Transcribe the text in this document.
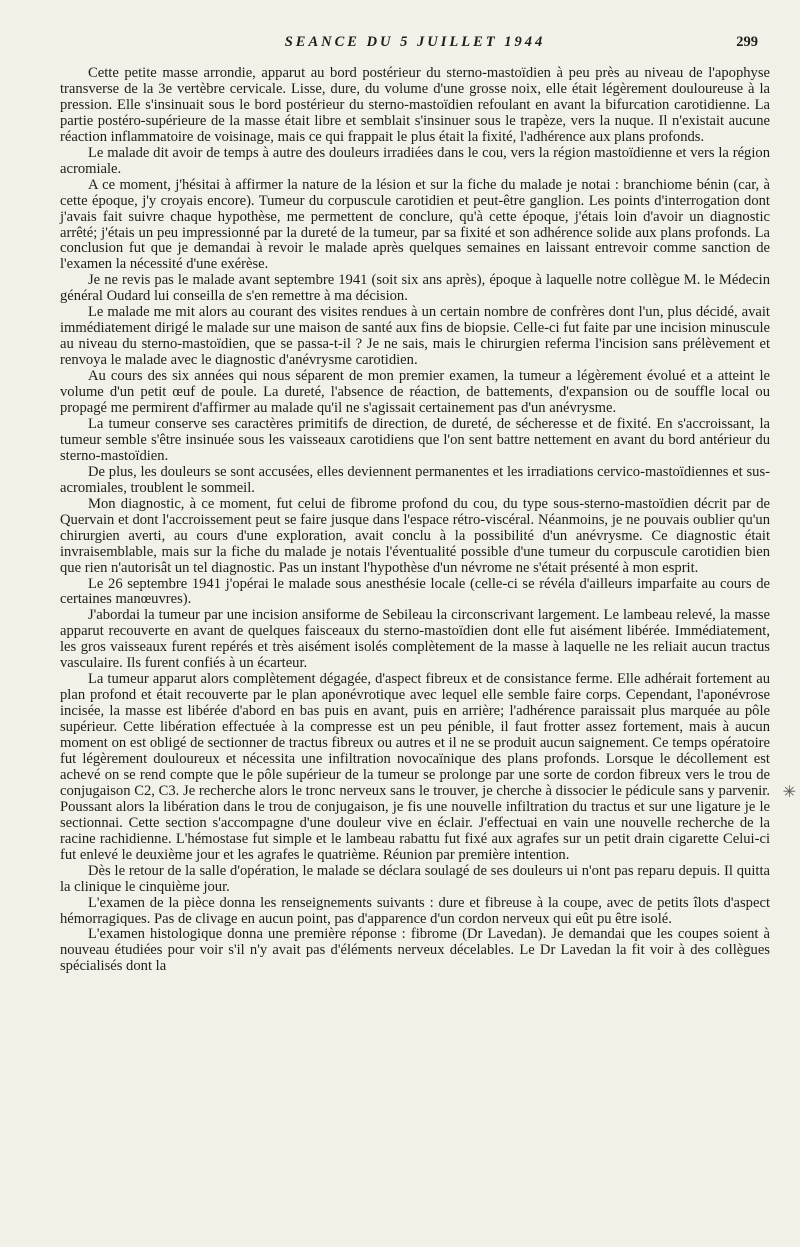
SEANCE DU 5 JUILLET 1944	299

Cette petite masse arrondie, apparut au bord postérieur du sterno-mastoïdien à peu près au niveau de l'apophyse transverse de la 3e vertèbre cervicale. Lisse, dure, du volume d'une grosse noix, elle était légèrement douloureuse à la pression. Elle s'insinuait sous le bord postérieur du sterno-mastoïdien refoulant en avant la bifurcation carotidienne. La partie postéro-supérieure de la masse était libre et semblait s'insinuer sous le trapèze, vers la nuque. Il n'existait aucune réaction inflammatoire de voisinage, mais ce qui frappait le plus était la fixité, l'adhérence aux plans profonds.

Le malade dit avoir de temps à autre des douleurs irradiées dans le cou, vers la région mastoïdienne et vers la région acromiale.

A ce moment, j'hésitai à affirmer la nature de la lésion et sur la fiche du malade je notai : branchiome bénin (car, à cette époque, j'y croyais encore). Tumeur du corpuscule carotidien et peut-être ganglion. Les points d'interrogation dont j'avais fait suivre chaque hypothèse, me permettent de conclure, qu'à cette époque, j'étais loin d'avoir un diagnostic arrêté; j'étais un peu impressionné par la dureté de la tumeur, par sa fixité et son adhérence solide aux plans profonds. La conclusion fut que je demandai à revoir le malade après quelques semaines en laissant entrevoir comme sanction de l'examen la nécessité d'une exérèse.

Je ne revis pas le malade avant septembre 1941 (soit six ans après), époque à laquelle notre collègue M. le Médecin général Oudard lui conseilla de s'en remettre à ma décision.

Le malade me mit alors au courant des visites rendues à un certain nombre de confrères dont l'un, plus décidé, avait immédiatement dirigé le malade sur une maison de santé aux fins de biopsie. Celle-ci fut faite par une incision minuscule au niveau du sterno-mastoïdien, que se passa-t-il ? Je ne sais, mais le chirurgien referma l'incision sans prélèvement et renvoya le malade avec le diagnostic d'anévrysme carotidien.

Au cours des six années qui nous séparent de mon premier examen, la tumeur a légèrement évolué et a atteint le volume d'un petit œuf de poule. La dureté, l'absence de réaction, de battements, d'expansion ou de souffle local ou propagé me permirent d'affirmer au malade qu'il ne s'agissait certainement pas d'un anévrysme.

La tumeur conserve ses caractères primitifs de direction, de dureté, de sécheresse et de fixité. En s'accroissant, la tumeur semble s'être insinuée sous les vaisseaux carotidiens que l'on sent battre nettement en avant du bord antérieur du sterno-mastoïdien.

De plus, les douleurs se sont accusées, elles deviennent permanentes et les irradiations cervico-mastoïdiennes et sus-acromiales, troublent le sommeil.

Mon diagnostic, à ce moment, fut celui de fibrome profond du cou, du type sous-sterno-mastoïdien décrit par de Quervain et dont l'accroissement peut se faire jusque dans l'espace rétro-viscéral. Néanmoins, je ne pouvais oublier qu'un chirurgien averti, au cours d'une exploration, avait conclu à la possibilité d'un anévrysme. Ce diagnostic était invraisemblable, mais sur la fiche du malade je notais l'éventualité possible d'une tumeur du corpuscule carotidien bien que rien n'autorisât un tel diagnostic. Pas un instant l'hypothèse d'un névrome ne s'était présenté à mon esprit.

Le 26 septembre 1941 j'opérai le malade sous anesthésie locale (celle-ci se révéla d'ailleurs imparfaite au cours de certaines manœuvres).

J'abordai la tumeur par une incision ansiforme de Sebileau la circonscrivant largement. Le lambeau relevé, la masse apparut recouverte en avant de quelques faisceaux du sterno-mastoïdien dont elle fut aisément libérée. Immédiatement, les gros vaisseaux furent repérés et très aisément isolés complètement de la masse à laquelle ne les reliait aucun tractus vasculaire. Ils furent confiés à un écarteur.

La tumeur apparut alors complètement dégagée, d'aspect fibreux et de consistance ferme. Elle adhérait fortement au plan profond et était recouverte par le plan aponévrotique avec lequel elle semble faire corps. Cependant, l'aponévrose incisée, la masse est libérée d'abord en bas puis en avant, puis en arrière; l'adhérence paraissait plus marquée au pôle supérieur. Cette libération effectuée à la compresse est un peu pénible, il faut frotter assez fortement, mais à aucun moment on est obligé de sectionner de tractus fibreux ou autres et il ne se produit aucun saignement. Ce temps opératoire fut légèrement douloureux et nécessita une infiltration novocaïnique des plans profonds. Lorsque le décollement est achevé on se rend compte que le pôle supérieur de la tumeur se prolonge par une sorte de cordon fibreux vers le trou de conjugaison C2, C3. Je recherche alors le tronc nerveux sans le trouver, je cherche à dissocier le pédicule sans y parvenir. Poussant alors la libération dans le trou de conjugaison, je fis une nouvelle infiltration du tractus et sur une ligature je le sectionnai. Cette section s'accompagne d'une douleur vive en éclair. J'effectuai en vain une nouvelle recherche de la racine rachidienne. L'hémostase fut simple et le lambeau rabattu fut fixé aux agrafes sur un petit drain cigarette Celui-ci fut enlevé le deuxième jour et les agrafes le quatrième. Réunion par première intention.

Dès le retour de la salle d'opération, le malade se déclara soulagé de ses douleurs ui n'ont pas reparu depuis. Il quitta la clinique le cinquième jour.

L'examen de la pièce donna les renseignements suivants : dure et fibreuse à la coupe, avec de petits îlots d'aspect hémorragiques. Pas de clivage en aucun point, pas d'apparence d'un cordon nerveux qui eût pu être isolé.

L'examen histologique donna une première réponse : fibrome (Dr Lavedan). Je demandai que les coupes soient à nouveau étudiées pour voir s'il n'y avait pas d'éléments nerveux décelables. Le Dr Lavedan la fit voir à des collègues spécialisés dont la

✳
